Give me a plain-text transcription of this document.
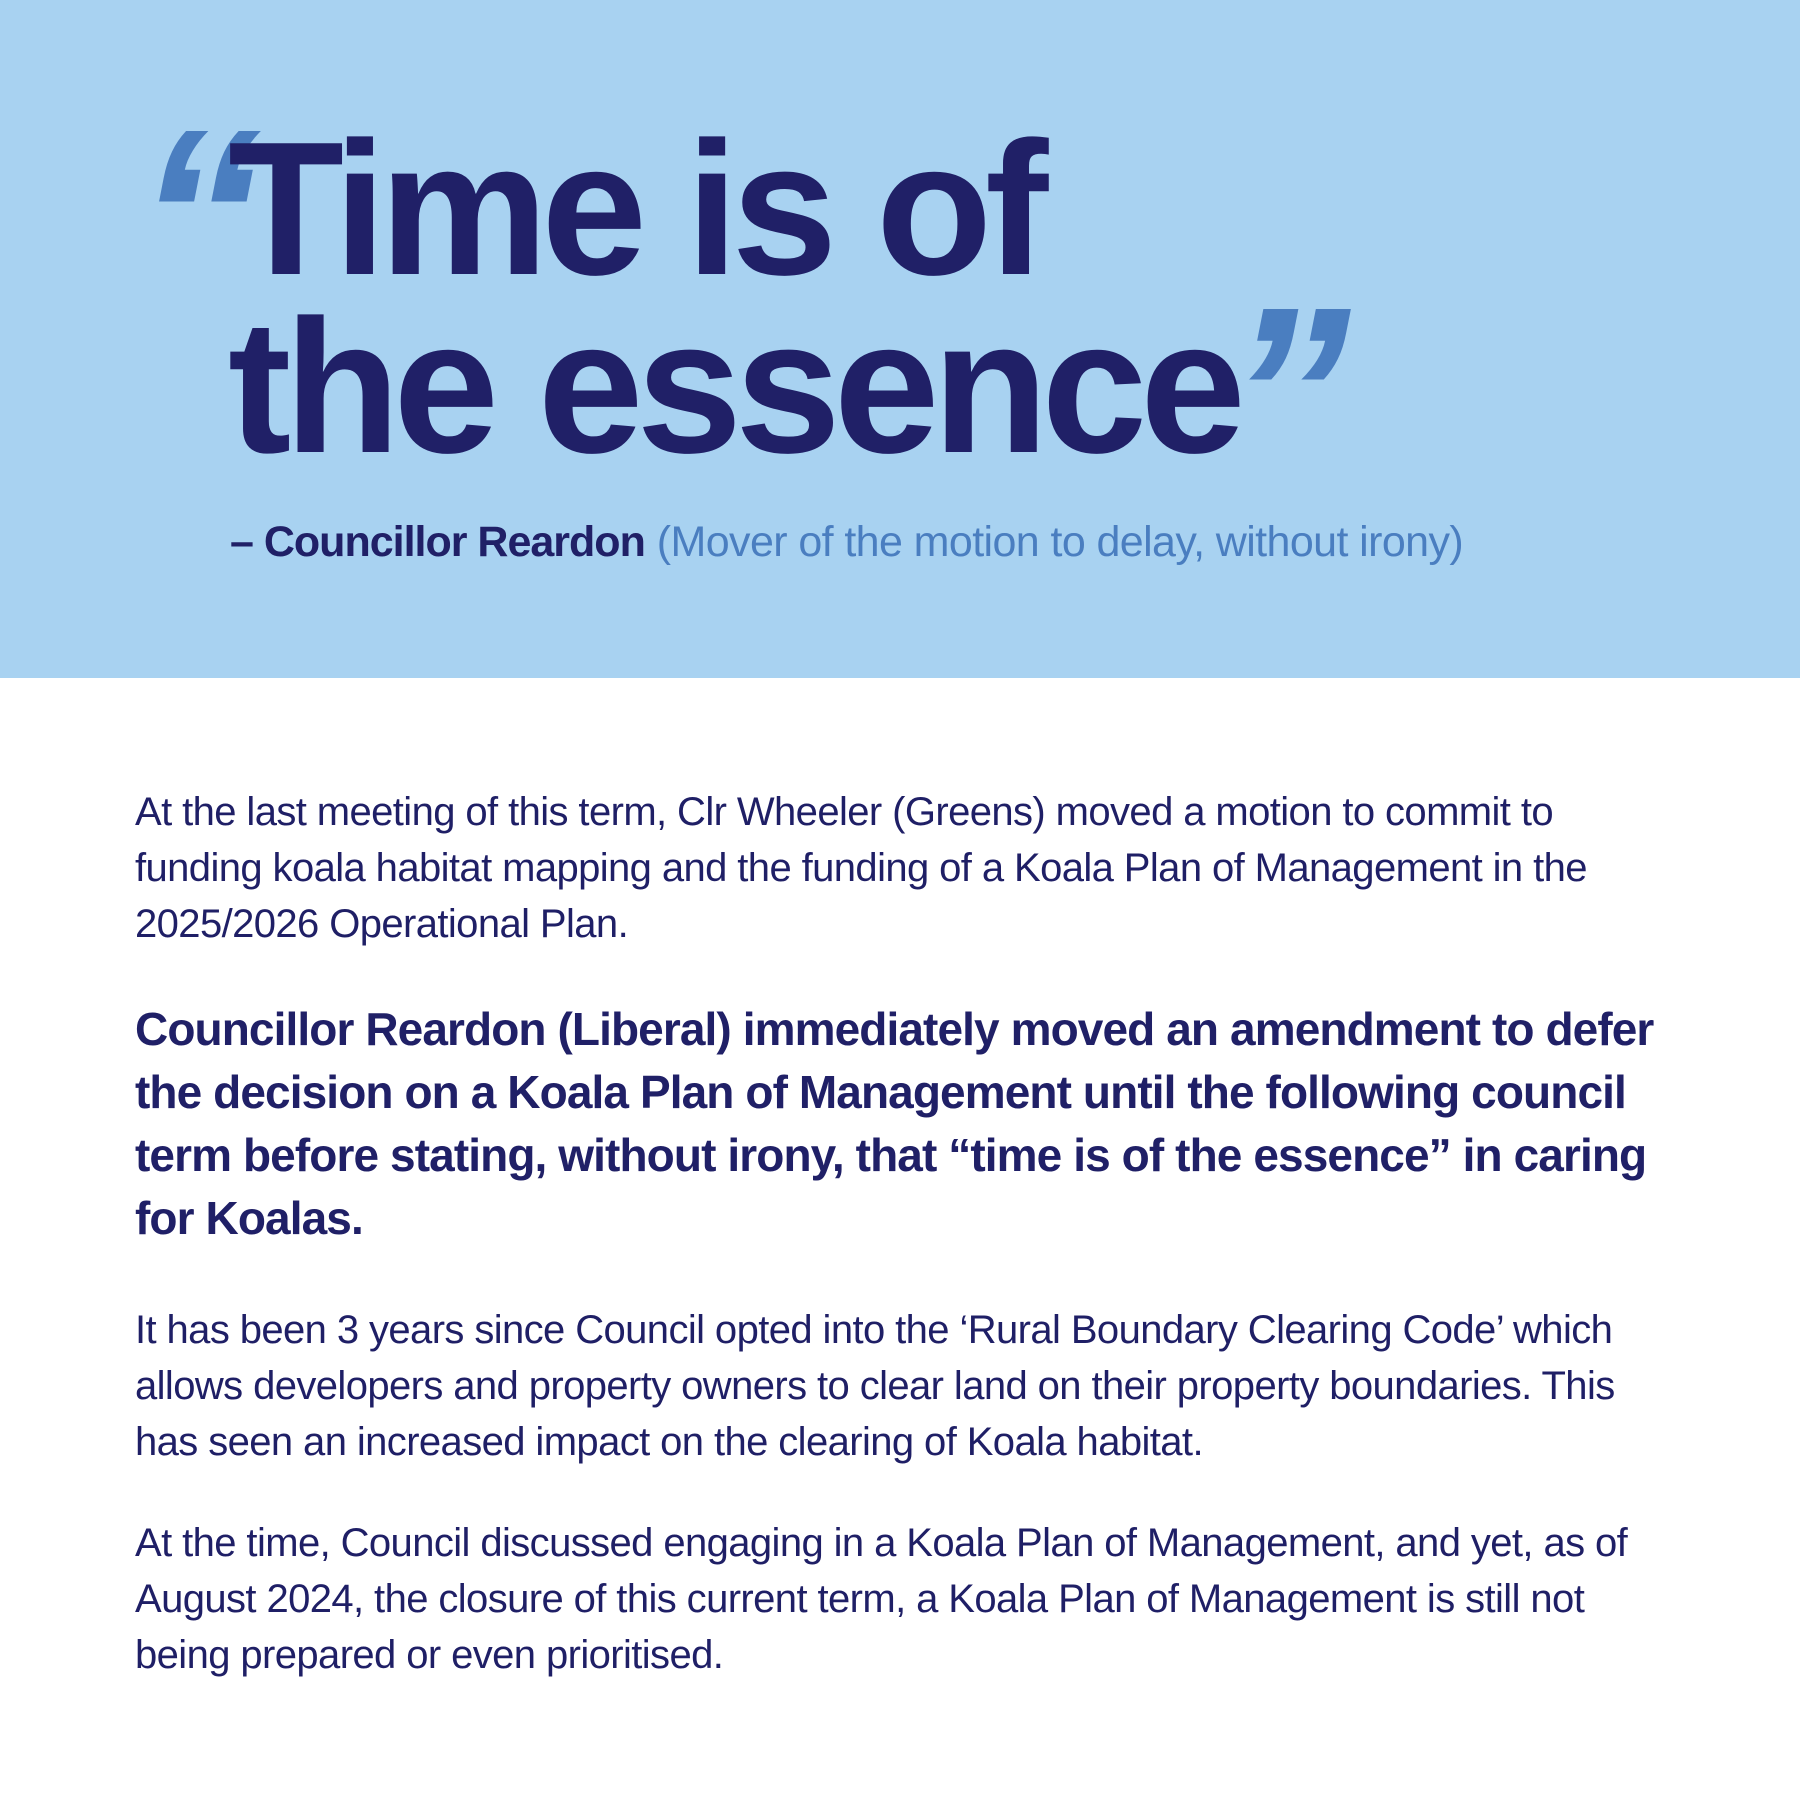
“
Time is of
the essence
”
– Councillor Reardon (Mover of the motion to delay, without irony)

At the last meeting of this term, Clr Wheeler (Greens) moved a motion to commit to funding koala habitat mapping and the funding of a Koala Plan of Management in the 2025/2026 Operational Plan.

Councillor Reardon (Liberal) immediately moved an amendment to defer the decision on a Koala Plan of Management until the following council term before stating, without irony, that “time is of the essence” in caring for Koalas.

It has been 3 years since Council opted into the ‘Rural Boundary Clearing Code’ which allows developers and property owners to clear land on their property boundaries. This has seen an increased impact on the clearing of Koala habitat.

At the time, Council discussed engaging in a Koala Plan of Management, and yet, as of August 2024, the closure of this current term, a Koala Plan of Management is still not being prepared or even prioritised.
